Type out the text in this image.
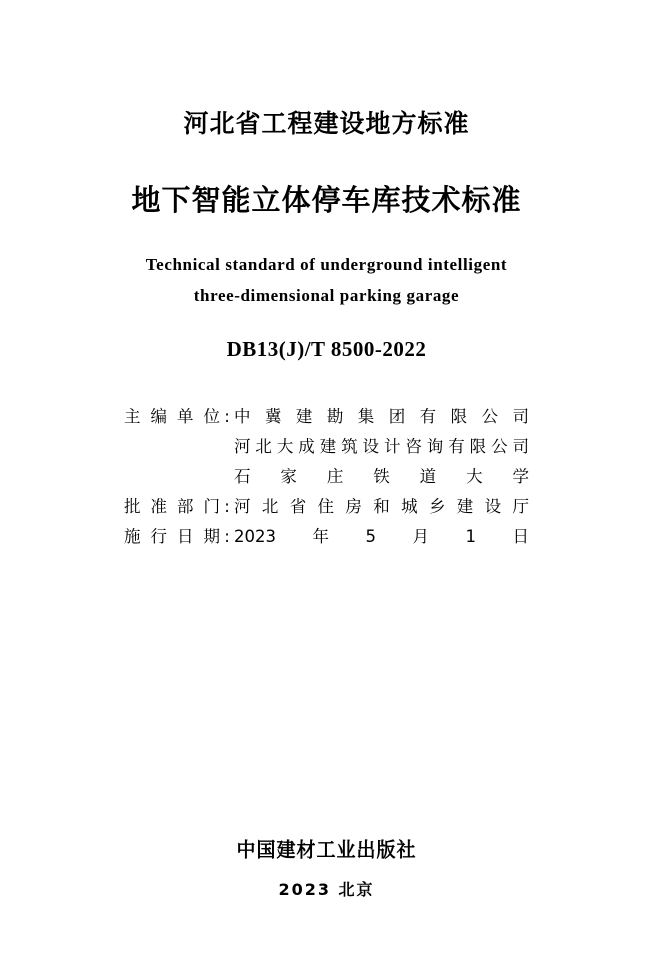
河北省工程建设地方标准
地下智能立体停车库技术标准
Technical standard of underground intelligent
three-dimensional parking garage
DB13(J)/T 8500-2022
主编单位 : 中冀建勘集团有限公司
河北大成建筑设计咨询有限公司
石家庄铁道大学
批准部门 : 河北省住房和城乡建设厅
施行日期 : 2023年5月1日
中国建材工业出版社
2023 北京
